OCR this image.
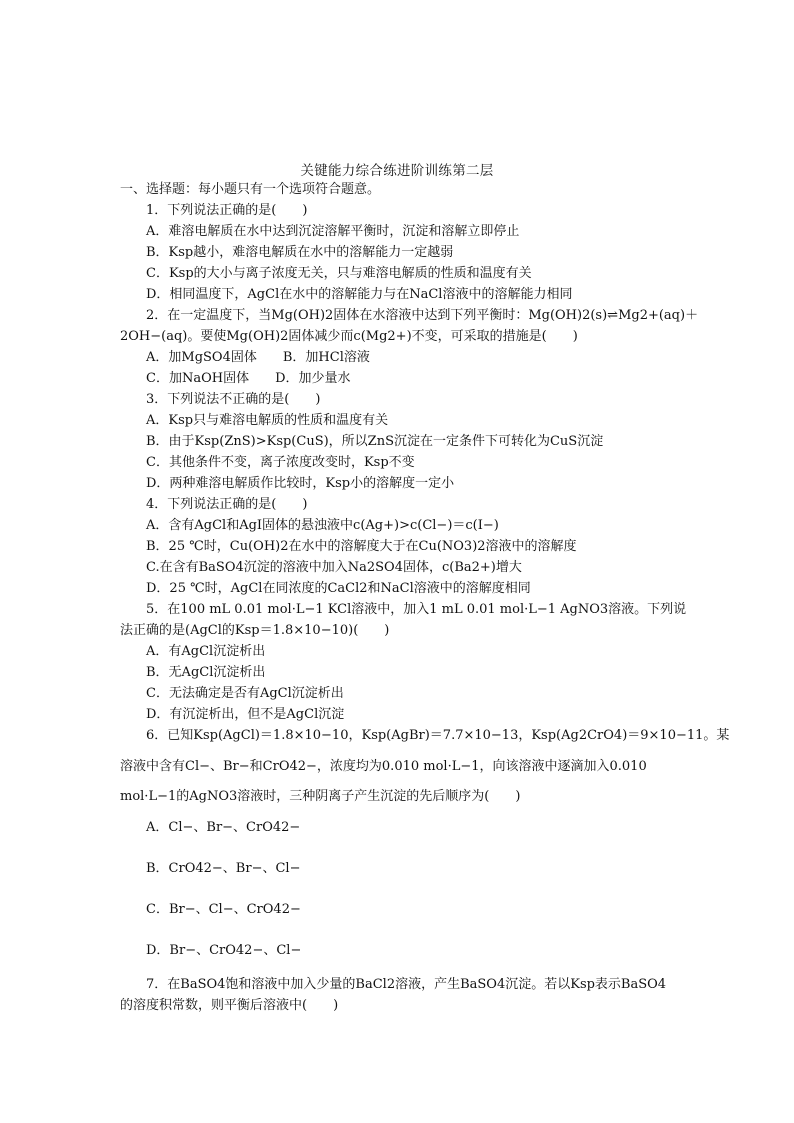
关键能力综合练进阶训练第二层
一、选择题：每小题只有一个选项符合题意。
1．下列说法正确的是(　　)
A．难溶电解质在水中达到沉淀溶解平衡时，沉淀和溶解立即停止
B．Ksp越小，难溶电解质在水中的溶解能力一定越弱
C．Ksp的大小与离子浓度无关，只与难溶电解质的性质和温度有关
D．相同温度下，AgCl在水中的溶解能力与在NaCl溶液中的溶解能力相同
2．在一定温度下，当Mg(OH)2固体在水溶液中达到下列平衡时：Mg(OH)2(s)⇌Mg2+(aq)＋
2OH−(aq)。要使Mg(OH)2固体减少而c(Mg2+)不变，可采取的措施是(　　)
A．加MgSO4固体　　B．加HCl溶液
C．加NaOH固体　　D．加少量水
3．下列说法不正确的是(　　)
A．Ksp只与难溶电解质的性质和温度有关
B．由于Ksp(ZnS)>Ksp(CuS)，所以ZnS沉淀在一定条件下可转化为CuS沉淀
C．其他条件不变，离子浓度改变时，Ksp不变
D．两种难溶电解质作比较时，Ksp小的溶解度一定小
4．下列说法正确的是(　　)
A．含有AgCl和AgI固体的悬浊液中c(Ag+)>c(Cl−)＝c(I−)
B．25 ℃时，Cu(OH)2在水中的溶解度大于在Cu(NO3)2溶液中的溶解度
C.在含有BaSO4沉淀的溶液中加入Na2SO4固体，c(Ba2+)增大
D．25 ℃时，AgCl在同浓度的CaCl2和NaCl溶液中的溶解度相同
5．在100 mL 0.01 mol·L−1 KCl溶液中，加入1 mL 0.01 mol·L−1 AgNO3溶液。下列说
法正确的是(AgCl的Ksp＝1.8×10−10)(　　)
A．有AgCl沉淀析出
B．无AgCl沉淀析出
C．无法确定是否有AgCl沉淀析出
D．有沉淀析出，但不是AgCl沉淀
6．已知Ksp(AgCl)＝1.8×10−10，Ksp(AgBr)＝7.7×10−13，Ksp(Ag2CrO4)＝9×10−11。某
溶液中含有Cl−、Br−和CrO42−，浓度均为0.010 mol·L−1，向该溶液中逐滴加入0.010
mol·L−1的AgNO3溶液时，三种阴离子产生沉淀的先后顺序为(　　)
A．Cl−、Br−、CrO42−
B．CrO42−、Br−、Cl−
C．Br−、Cl−、CrO42−
D．Br−、CrO42−、Cl−
7．在BaSO4饱和溶液中加入少量的BaCl2溶液，产生BaSO4沉淀。若以Ksp表示BaSO4
的溶度积常数，则平衡后溶液中(　　)
